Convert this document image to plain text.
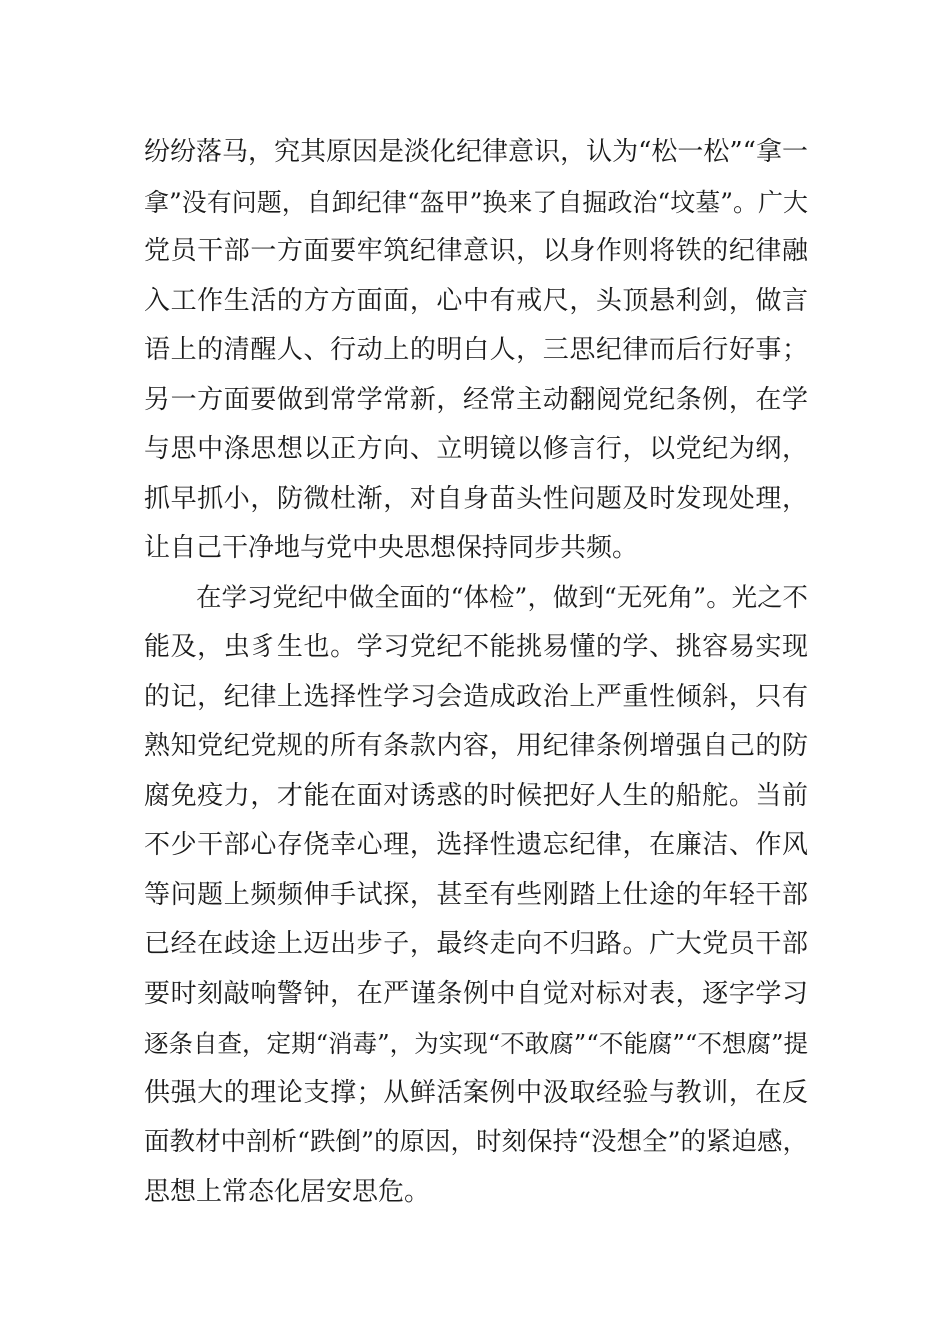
纷纷落马，究其原因是淡化纪律意识，认为“松一松”“拿一
拿”没有问题，自卸纪律“盔甲”换来了自掘政治“坟墓”。广大
党员干部一方面要牢筑纪律意识，以身作则将铁的纪律融
入工作生活的方方面面，心中有戒尺，头顶悬利剑，做言
语上的清醒人、行动上的明白人，三思纪律而后行好事；
另一方面要做到常学常新，经常主动翻阅党纪条例，在学
与思中涤思想以正方向、立明镜以修言行，以党纪为纲，
抓早抓小，防微杜渐，对自身苗头性问题及时发现处理，
让自己干净地与党中央思想保持同步共频。
在学习党纪中做全面的“体检”，做到“无死角”。光之不
能及，虫豸生也。学习党纪不能挑易懂的学、挑容易实现
的记，纪律上选择性学习会造成政治上严重性倾斜，只有
熟知党纪党规的所有条款内容，用纪律条例增强自己的防
腐免疫力，才能在面对诱惑的时候把好人生的船舵。当前
不少干部心存侥幸心理，选择性遗忘纪律，在廉洁、作风
等问题上频频伸手试探，甚至有些刚踏上仕途的年轻干部
已经在歧途上迈出步子，最终走向不归路。广大党员干部
要时刻敲响警钟，在严谨条例中自觉对标对表，逐字学习
逐条自查，定期“消毒”，为实现“不敢腐”“不能腐”“不想腐”提
供强大的理论支撑；从鲜活案例中汲取经验与教训，在反
面教材中剖析“跌倒”的原因，时刻保持“没想全”的紧迫感，
思想上常态化居安思危。
